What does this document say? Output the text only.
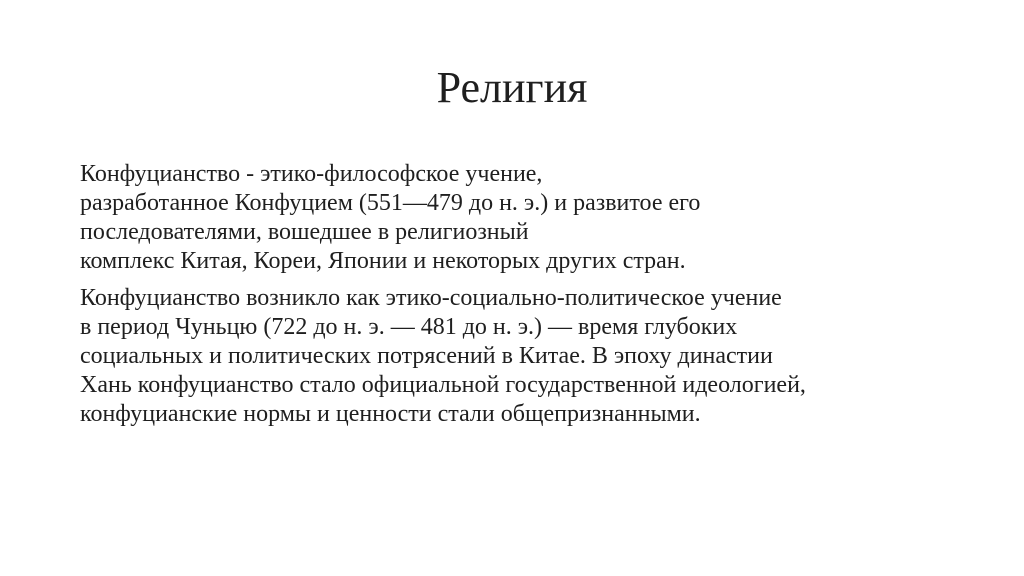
Религия

Конфуцианство - этико-философское учение,
разработанное Конфуцием (551—479 до н. э.) и развитое его
последователями, вошедшее в религиозный
комплекс Китая, Кореи, Японии и некоторых других стран.

Конфуцианство возникло как этико-социально-политическое учение
в период Чуньцю (722 до н. э. — 481 до н. э.) — время глубоких
социальных и политических потрясений в Китае. В эпоху династии
Хань конфуцианство стало официальной государственной идеологией,
конфуцианские нормы и ценности стали общепризнанными.
